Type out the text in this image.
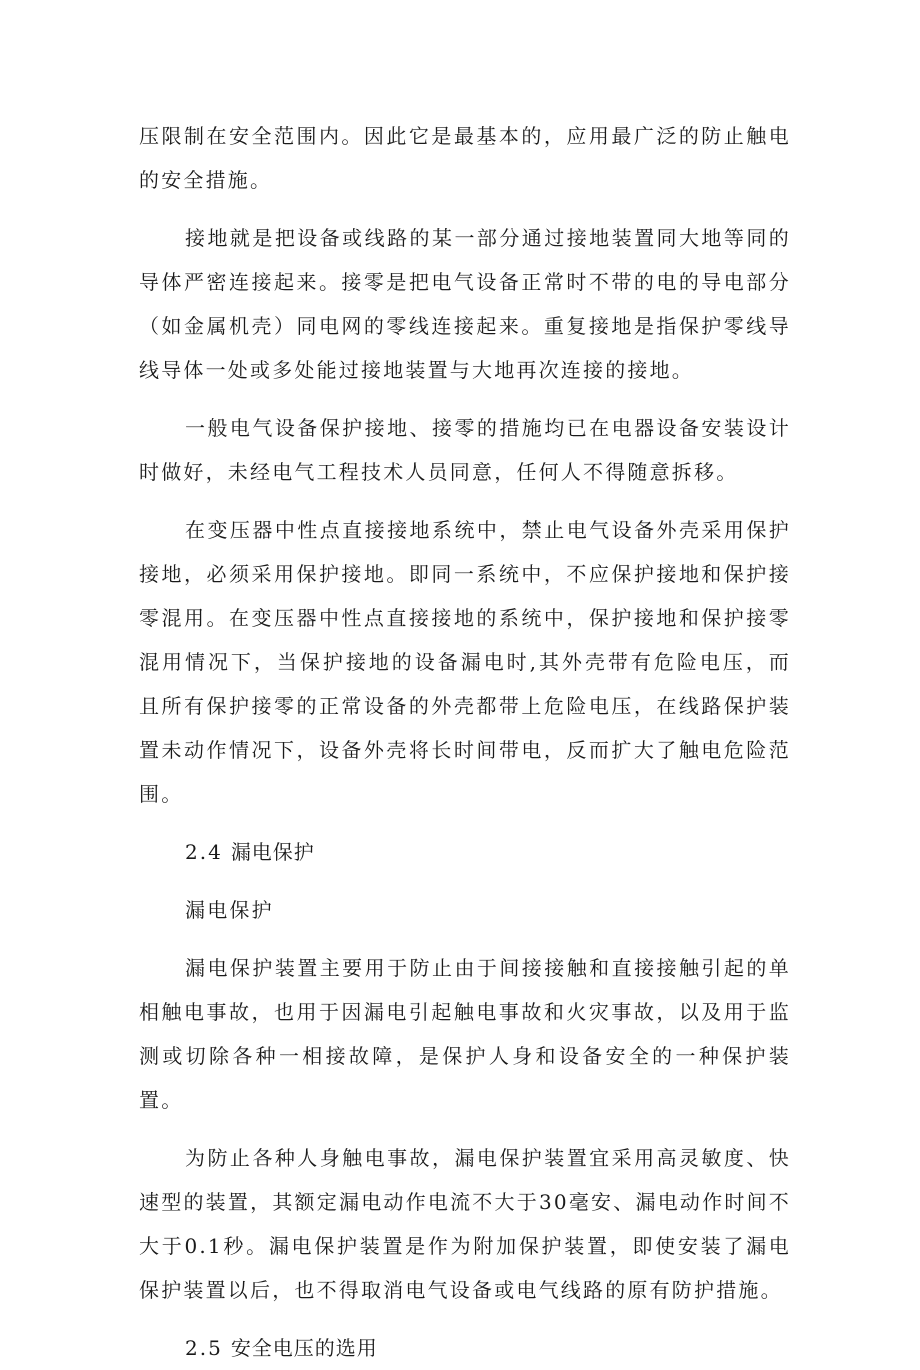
压限制在安全范围内。因此它是最基本的，应用最广泛的防止触电的安全措施。

接地就是把设备或线路的某一部分通过接地装置同大地等同的导体严密连接起来。接零是把电气设备正常时不带的电的导电部分（如金属机壳）同电网的零线连接起来。重复接地是指保护零线导线导体一处或多处能过接地装置与大地再次连接的接地。

一般电气设备保护接地、接零的措施均已在电器设备安装设计时做好，未经电气工程技术人员同意，任何人不得随意拆移。

在变压器中性点直接接地系统中，禁止电气设备外壳采用保护接地，必须采用保护接地。即同一系统中，不应保护接地和保护接零混用。在变压器中性点直接接地的系统中，保护接地和保护接零混用情况下，当保护接地的设备漏电时,其外壳带有危险电压，而且所有保护接零的正常设备的外壳都带上危险电压，在线路保护装置未动作情况下，设备外壳将长时间带电，反而扩大了触电危险范围。

2.4 漏电保护

漏电保护

漏电保护装置主要用于防止由于间接接触和直接接触引起的单相触电事故，也用于因漏电引起触电事故和火灾事故，以及用于监测或切除各种一相接故障，是保护人身和设备安全的一种保护装置。

为防止各种人身触电事故，漏电保护装置宜采用高灵敏度、快速型的装置，其额定漏电动作电流不大于30毫安、漏电动作时间不大于0.1秒。漏电保护装置是作为附加保护装置，即使安装了漏电保护装置以后，也不得取消电气设备或电气线路的原有防护措施。

2.5 安全电压的选用
